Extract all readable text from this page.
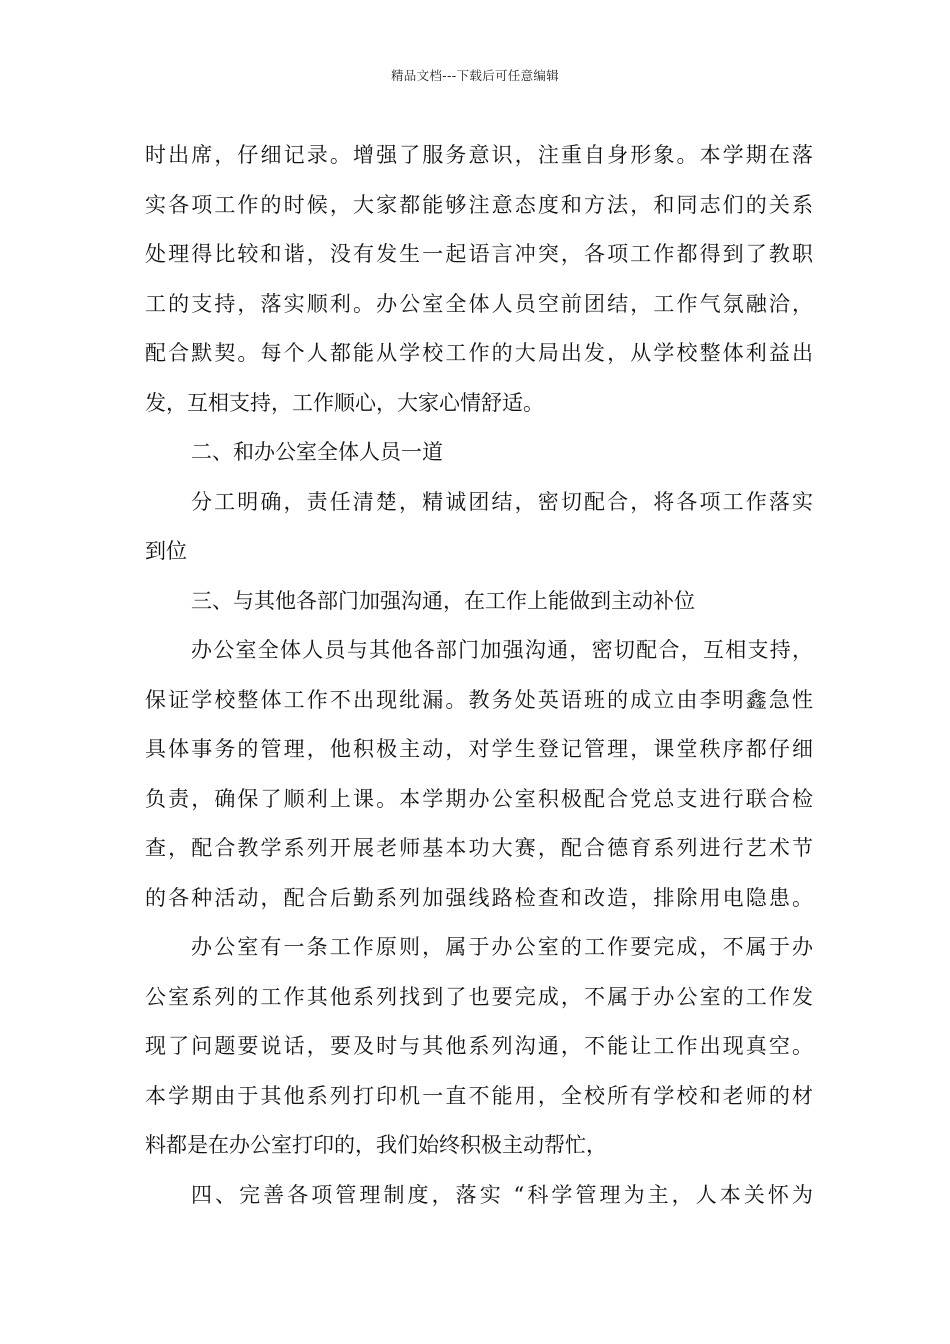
精品文档---下载后可任意编辑
时出席，仔细记录。增强了服务意识，注重自身形象。本学期在落
实各项工作的时候，大家都能够注意态度和方法，和同志们的关系
处理得比较和谐，没有发生一起语言冲突，各项工作都得到了教职
工的支持，落实顺利。办公室全体人员空前团结，工作气氛融洽，
配合默契。每个人都能从学校工作的大局出发，从学校整体利益出
发，互相支持，工作顺心，大家心情舒适。
二、和办公室全体人员一道
分工明确，责任清楚，精诚团结，密切配合，将各项工作落实
到位
三、与其他各部门加强沟通，在工作上能做到主动补位
办公室全体人员与其他各部门加强沟通，密切配合，互相支持，
保证学校整体工作不出现纰漏。教务处英语班的成立由李明鑫急性
具体事务的管理，他积极主动，对学生登记管理，课堂秩序都仔细
负责，确保了顺利上课。本学期办公室积极配合党总支进行联合检
查，配合教学系列开展老师基本功大赛，配合德育系列进行艺术节
的各种活动，配合后勤系列加强线路检查和改造，排除用电隐患。
办公室有一条工作原则，属于办公室的工作要完成，不属于办
公室系列的工作其他系列找到了也要完成，不属于办公室的工作发
现了问题要说话，要及时与其他系列沟通，不能让工作出现真空。
本学期由于其他系列打印机一直不能用，全校所有学校和老师的材
料都是在办公室打印的，我们始终积极主动帮忙，
四、完善各项管理制度，落实 “科学管理为主，人本关怀为
